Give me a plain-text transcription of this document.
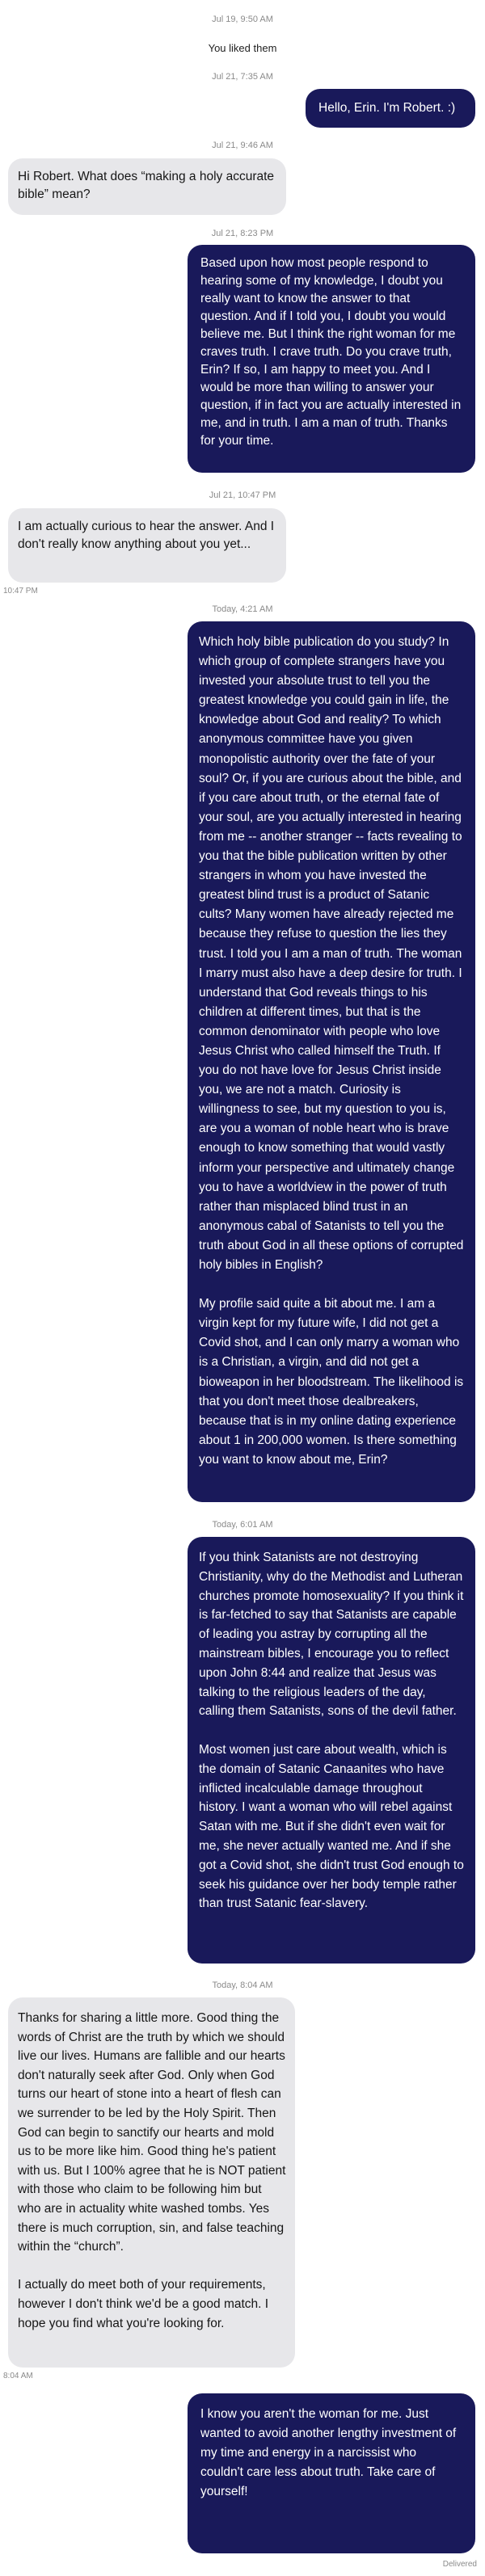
Jul 19, 9:50 AM
You liked them
Jul 21, 7:35 AM
Hello, Erin. I'm Robert. :)
Jul 21, 9:46 AM
Hi Robert. What does “making a holy accurate bible” mean?
Jul 21, 8:23 PM
Based upon how most people respond to hearing some of my knowledge, I doubt you really want to know the answer to that question. And if I told you, I doubt you would believe me. But I think the right woman for me craves truth. I crave truth. Do you crave truth, Erin? If so, I am happy to meet you. And I would be more than willing to answer your question, if in fact you are actually interested in me, and in truth. I am a man of truth. Thanks for your time.
Jul 21, 10:47 PM
I am actually curious to hear the answer. And I don't really know anything about you yet...
10:47 PM
Today, 4:21 AM
Which holy bible publication do you study? In which group of complete strangers have you invested your absolute trust to tell you the greatest knowledge you could gain in life, the knowledge about God and reality? To which anonymous committee have you given monopolistic authority over the fate of your soul? Or, if you are curious about the bible, and if you care about truth, or the eternal fate of your soul, are you actually interested in hearing from me -- another stranger -- facts revealing to you that the bible publication written by other strangers in whom you have invested the greatest blind trust is a product of Satanic cults? Many women have already rejected me because they refuse to question the lies they trust. I told you I am a man of truth. The woman I marry must also have a deep desire for truth. I understand that God reveals things to his children at different times, but that is the common denominator with people who love Jesus Christ who called himself the Truth. If you do not have love for Jesus Christ inside you, we are not a match. Curiosity is willingness to see, but my question to you is, are you a woman of noble heart who is brave enough to know something that would vastly inform your perspective and ultimately change you to have a worldview in the power of truth rather than misplaced blind trust in an anonymous cabal of Satanists to tell you the truth about God in all these options of corrupted holy bibles in English?

My profile said quite a bit about me. I am a virgin kept for my future wife, I did not get a Covid shot, and I can only marry a woman who is a Christian, a virgin, and did not get a bioweapon in her bloodstream. The likelihood is that you don't meet those dealbreakers, because that is in my online dating experience about 1 in 200,000 women. Is there something you want to know about me, Erin?
Today, 6:01 AM
If you think Satanists are not destroying Christianity, why do the Methodist and Lutheran churches promote homosexuality? If you think it is far-fetched to say that Satanists are capable of leading you astray by corrupting all the mainstream bibles, I encourage you to reflect upon John 8:44 and realize that Jesus was talking to the religious leaders of the day, calling them Satanists, sons of the devil father.

Most women just care about wealth, which is the domain of Satanic Canaanites who have inflicted incalculable damage throughout history. I want a woman who will rebel against Satan with me. But if she didn't even wait for me, she never actually wanted me. And if she got a Covid shot, she didn't trust God enough to seek his guidance over her body temple rather than trust Satanic fear-slavery.
Today, 8:04 AM
Thanks for sharing a little more. Good thing the words of Christ are the truth by which we should live our lives. Humans are fallible and our hearts don't naturally seek after God. Only when God turns our heart of stone into a heart of flesh can we surrender to be led by the Holy Spirit. Then God can begin to sanctify our hearts and mold us to be more like him. Good thing he's patient with us. But I 100% agree that he is NOT patient with those who claim to be following him but who are in actuality white washed tombs. Yes there is much corruption, sin, and false teaching within the “church”.

I actually do meet both of your requirements, however I don't think we'd be a good match. I hope you find what you're looking for.
8:04 AM
I know you aren't the woman for me. Just wanted to avoid another lengthy investment of my time and energy in a narcissist who couldn't care less about truth. Take care of yourself!
Delivered
